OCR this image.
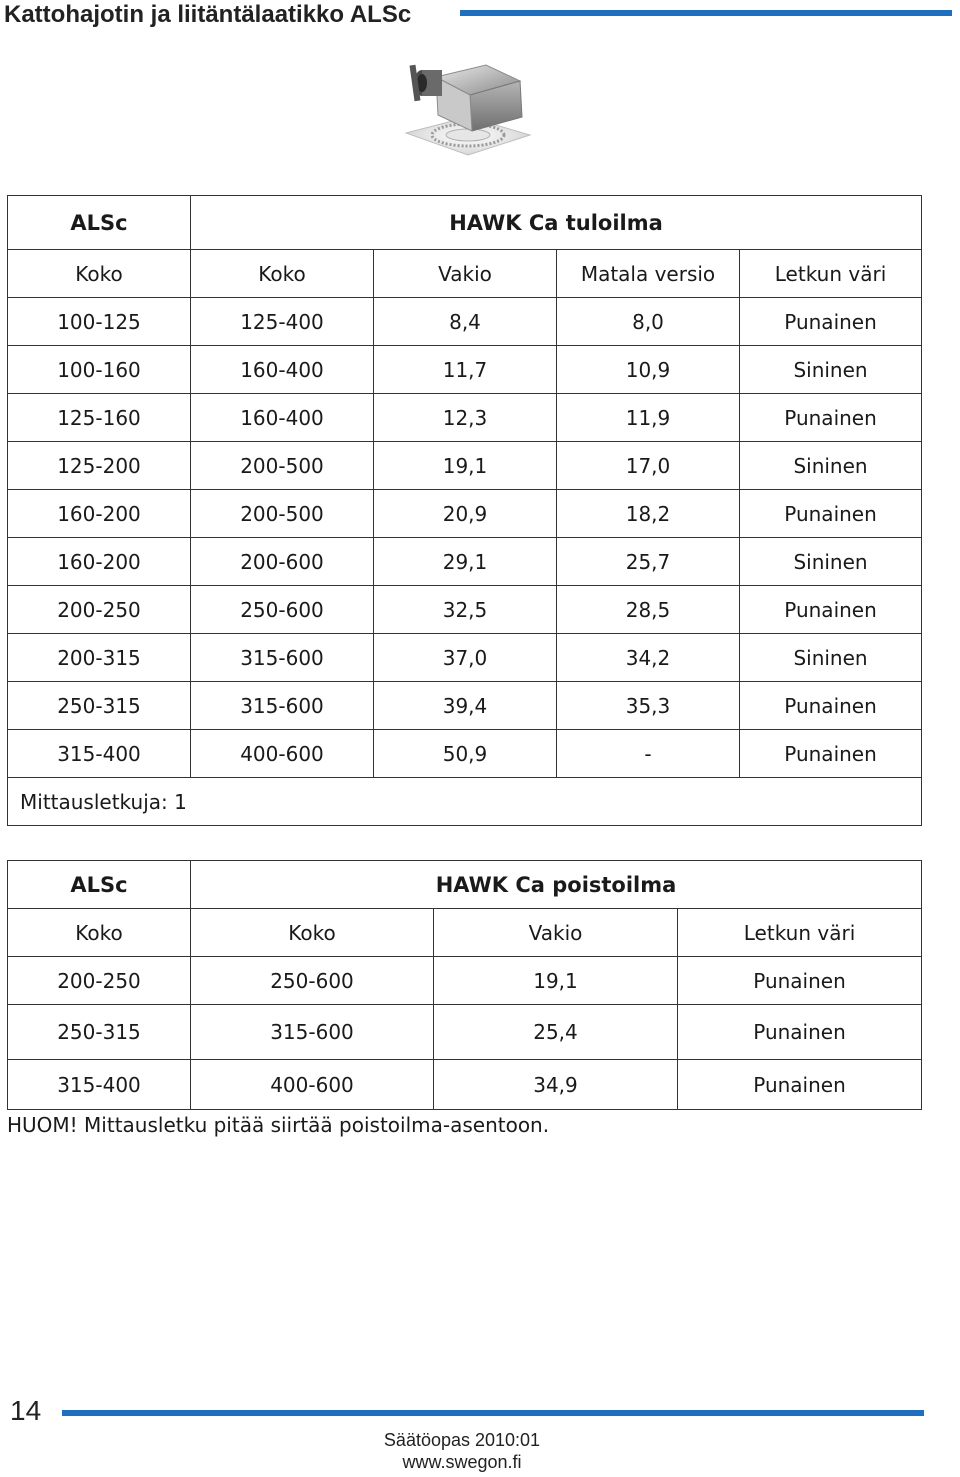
Kattohajotin ja liitäntälaatikko ALSc
ALSc	HAWK Ca tuloilma			
Koko	Koko	Vakio	Matala versio	Letkun väri
100-125	125-400	8,4	8,0	Punainen
100-160	160-400	11,7	10,9	Sininen
125-160	160-400	12,3	11,9	Punainen
125-200	200-500	19,1	17,0	Sininen
160-200	200-500	20,9	18,2	Punainen
160-200	200-600	29,1	25,7	Sininen
200-250	250-600	32,5	28,5	Punainen
200-315	315-600	37,0	34,2	Sininen
250-315	315-600	39,4	35,3	Punainen
315-400	400-600	50,9	-	Punainen
Mittausletkuja: 1				
ALSc	HAWK Ca poistoilma		
Koko	Koko	Vakio	Letkun väri
200-250	250-600	19,1	Punainen
250-315	315-600	25,4	Punainen
315-400	400-600	34,9	Punainen
HUOM! Mittausletku pitää siirtää poistoilma-asentoon.
14
Säätöopas 2010:01
www.swegon.fi
